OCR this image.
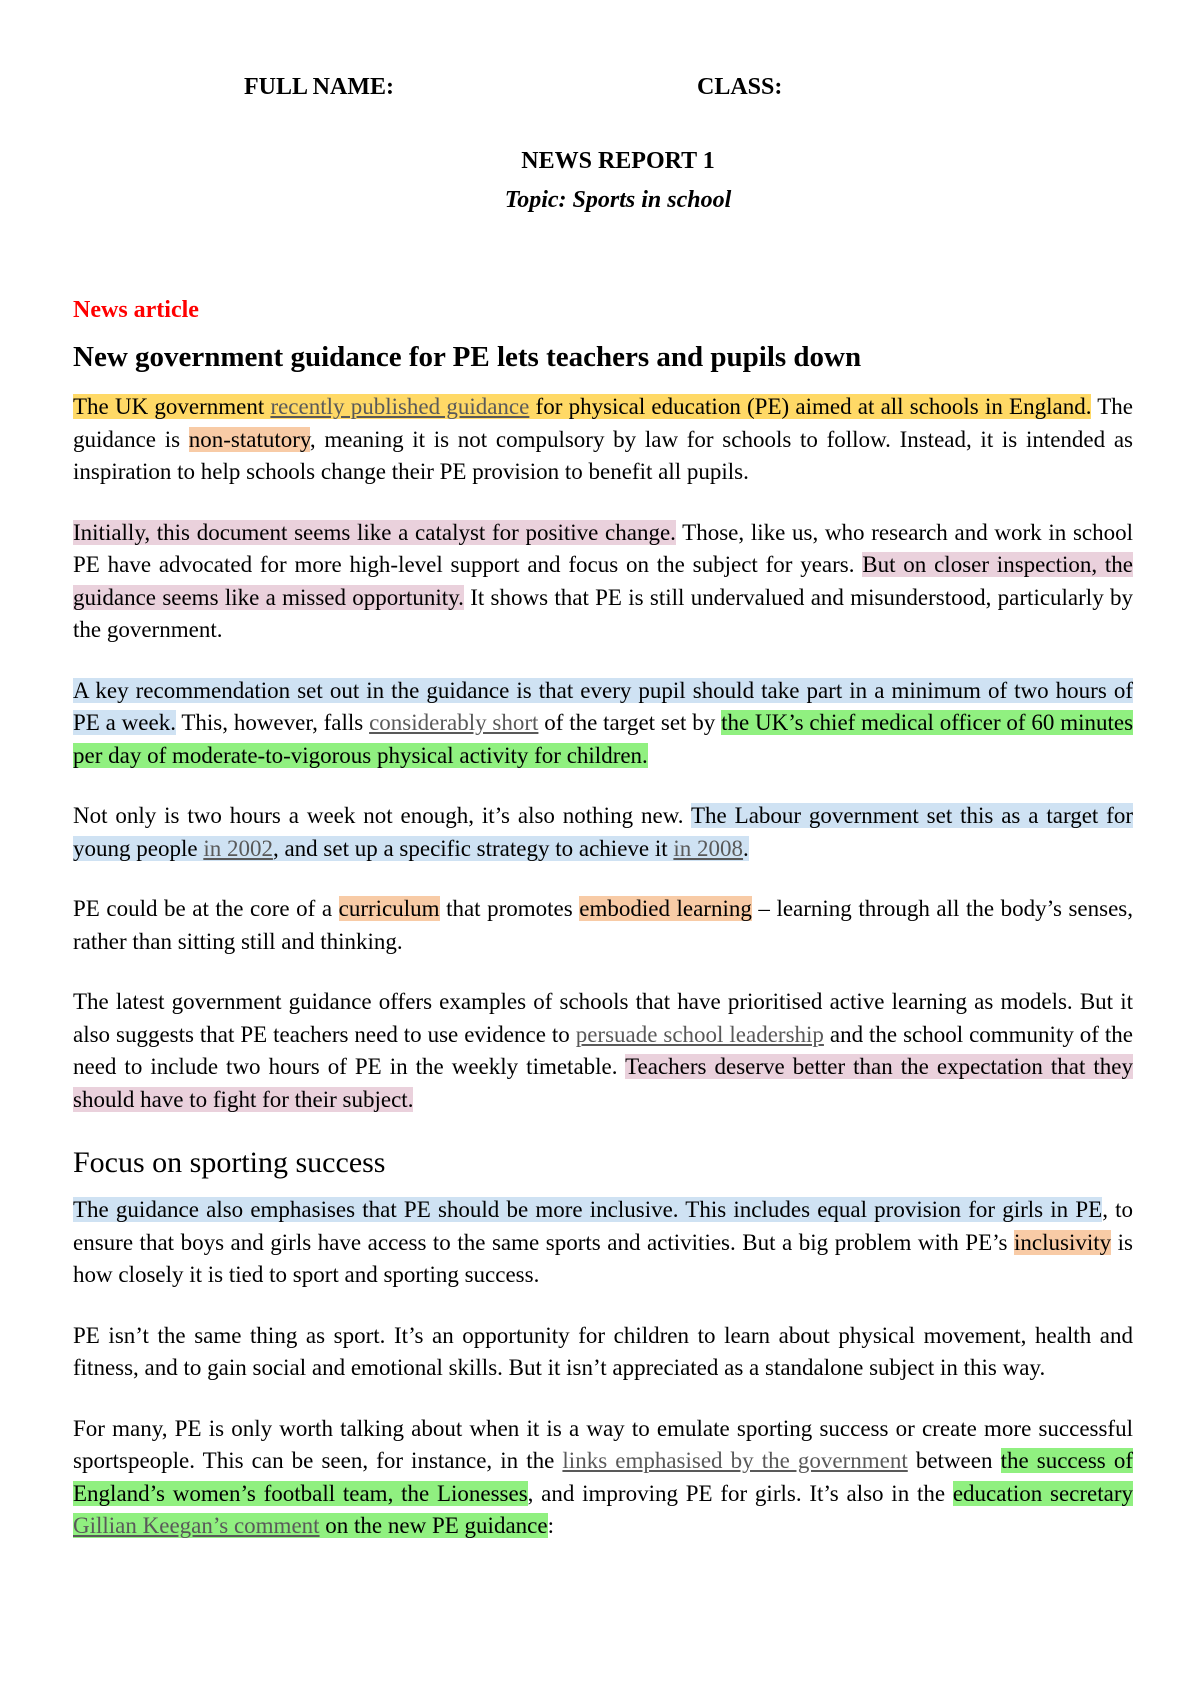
FULL NAME:	CLASS:
NEWS REPORT 1
Topic: Sports in school
News article
New government guidance for PE lets teachers and pupils down

The UK government recently published guidance for physical education (PE) aimed at all schools in England. The guidance is non-statutory, meaning it is not compulsory by law for schools to follow. Instead, it is intended as inspiration to help schools change their PE provision to benefit all pupils.

Initially, this document seems like a catalyst for positive change. Those, like us, who research and work in school PE have advocated for more high-level support and focus on the subject for years. But on closer inspection, the guidance seems like a missed opportunity. It shows that PE is still undervalued and misunderstood, particularly by the government.

A key recommendation set out in the guidance is that every pupil should take part in a minimum of two hours of PE a week. This, however, falls considerably short of the target set by the UK’s chief medical officer of 60 minutes per day of moderate-to-vigorous physical activity for children.

Not only is two hours a week not enough, it’s also nothing new. The Labour government set this as a target for young people in 2002, and set up a specific strategy to achieve it in 2008.

PE could be at the core of a curriculum that promotes embodied learning – learning through all the body’s senses, rather than sitting still and thinking.

The latest government guidance offers examples of schools that have prioritised active learning as models. But it also suggests that PE teachers need to use evidence to persuade school leadership and the school community of the need to include two hours of PE in the weekly timetable. Teachers deserve better than the expectation that they should have to fight for their subject.

Focus on sporting success

The guidance also emphasises that PE should be more inclusive. This includes equal provision for girls in PE, to ensure that boys and girls have access to the same sports and activities. But a big problem with PE’s inclusivity is how closely it is tied to sport and sporting success.

PE isn’t the same thing as sport. It’s an opportunity for children to learn about physical movement, health and fitness, and to gain social and emotional skills. But it isn’t appreciated as a standalone subject in this way.

For many, PE is only worth talking about when it is a way to emulate sporting success or create more successful sportspeople. This can be seen, for instance, in the links emphasised by the government between the success of England’s women’s football team, the Lionesses, and improving PE for girls. It’s also in the education secretary Gillian Keegan’s comment on the new PE guidance:
